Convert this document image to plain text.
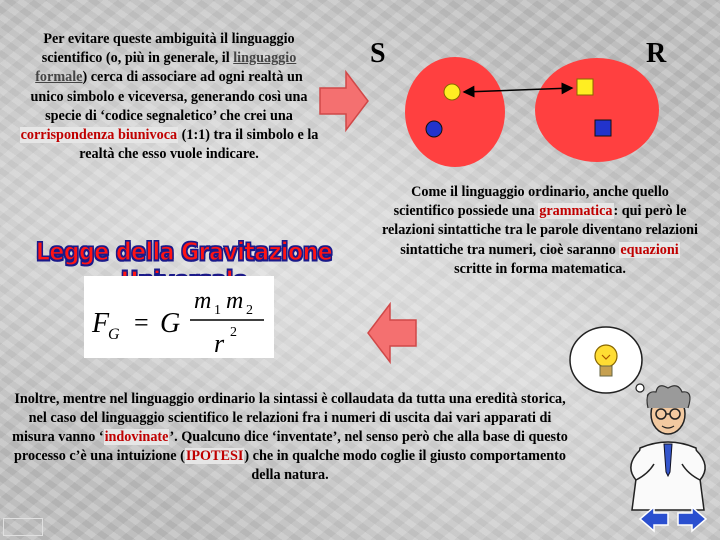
Per evitare queste ambiguità il linguaggio scientifico (o, più in generale, il linguaggio formale) cerca di associare ad ogni realtà un unico simbolo e viceversa, generando così una specie di ‘codice segnaletico’ che crei una corrispondenza biunivoca (1:1) tra il simbolo e la realtà che esso vuole indicare.
S	R
Legge della Gravitazione
F
G = G
m 1 m 2
r 2
Come il linguaggio ordinario, anche quello scientifico possiede una grammatica: qui però le relazioni sintattiche tra le parole diventano relazioni sintattiche tra numeri, cioè saranno equazioni scritte in forma matematica.
Inoltre, mentre nel linguaggio ordinario la sintassi è collaudata da tutta una eredità storica, nel caso del linguaggio scientifico le relazioni fra i numeri di uscita dai vari apparati di misura vanno ‘indovinate’. Qualcuno dice ‘inventate’, nel senso però che alla base di questo processo c’è una intuizione (IPOTESI) che in qualche modo coglie il giusto comportamento della natura.
